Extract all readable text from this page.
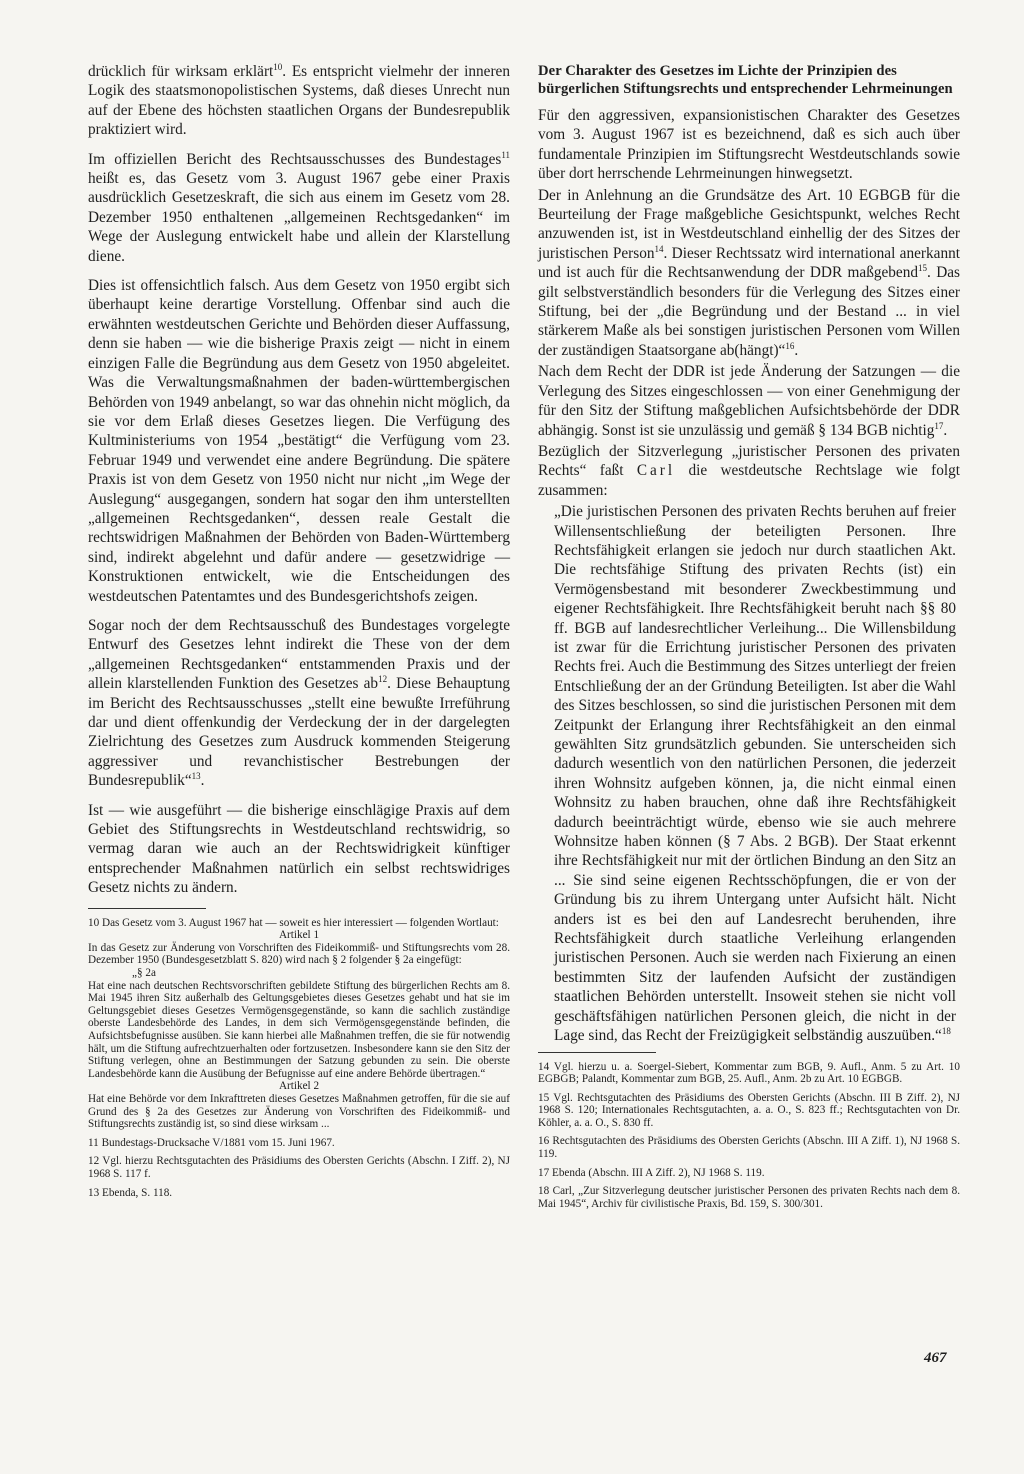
drücklich für wirksam erklärt$^{10}$. Es entspricht vielmehr der inneren Logik des staatsmonopolistischen Systems, daß dieses Unrecht nun auf der Ebene des höchsten staatlichen Organs der Bundesrepublik praktiziert wird.

Im offiziellen Bericht des Rechtsausschusses des Bundestages$^{11}$ heißt es, das Gesetz vom 3. August 1967 gebe einer Praxis ausdrücklich Gesetzeskraft, die sich aus einem im Gesetz vom 28. Dezember 1950 enthaltenen „allgemeinen Rechtsgedanken“ im Wege der Auslegung entwickelt habe und allein der Klarstellung diene.

Dies ist offensichtlich falsch. Aus dem Gesetz von 1950 ergibt sich überhaupt keine derartige Vorstellung. Offenbar sind auch die erwähnten westdeutschen Gerichte und Behörden dieser Auffassung, denn sie haben — wie die bisherige Praxis zeigt — nicht in einem einzigen Falle die Begründung aus dem Gesetz von 1950 abgeleitet. Was die Verwaltungsmaßnahmen der baden-württembergischen Behörden von 1949 anbelangt, so war das ohnehin nicht möglich, da sie vor dem Erlaß dieses Gesetzes liegen. Die Verfügung des Kultministeriums von 1954 „bestätigt“ die Verfügung vom 23. Februar 1949 und verwendet eine andere Begründung. Die spätere Praxis ist von dem Gesetz von 1950 nicht nur nicht „im Wege der Auslegung“ ausgegangen, sondern hat sogar den ihm unterstellten „allgemeinen Rechtsgedanken“, dessen reale Gestalt die rechtswidrigen Maßnahmen der Behörden von Baden-Württemberg sind, indirekt abgelehnt und dafür andere — gesetzwidrige — Konstruktionen entwickelt, wie die Entscheidungen des westdeutschen Patentamtes und des Bundesgerichtshofs zeigen.

Sogar noch der dem Rechtsausschuß des Bundestages vorgelegte Entwurf des Gesetzes lehnt indirekt die These von der dem „allgemeinen Rechtsgedanken“ entstammenden Praxis und der allein klarstellenden Funktion des Gesetzes $ab^{12}$. Diese Behauptung im Bericht des Rechtsausschusses „stellt eine bewußte Irreführung dar und dient offenkundig der Verdeckung der in der dargelegten Zielrichtung des Gesetzes zum Ausdruck kommenden Steigerung aggressiver und revanchistischer Bestrebungen der Bundesrepublik“$^{13}$.

Ist — wie ausgeführt — die bisherige einschlägige Praxis auf dem Gebiet des Stiftungsrechts in Westdeutschland rechtswidrig, so vermag daran wie auch an der Rechtswidrigkeit künftiger entsprechender Maßnahmen natürlich ein selbst rechtswidriges Gesetz nichts zu ändern.

10 Das Gesetz vom 3. August 1967 hat — soweit es hier interessiert — folgenden Wortlaut:
Artikel 1
In das Gesetz zur Änderung von Vorschriften des Fideikommiß- und Stiftungsrechts vom 28. Dezember 1950 (Bundesgesetzblatt S. 820) wird nach § 2 folgender § 2a eingefügt:
„§ 2a
Hat eine nach deutschen Rechtsvorschriften gebildete Stiftung des bürgerlichen Rechts am 8. Mai 1945 ihren Sitz außerhalb des Geltungsgebietes dieses Gesetzes gehabt und hat sie im Geltungsgebiet dieses Gesetzes Vermögensgegenstände, so kann die sachlich zuständige oberste Landesbehörde des Landes, in dem sich Vermögensgegenstände befinden, die Aufsichtsbefugnisse ausüben. Sie kann hierbei alle Maßnahmen treffen, die sie für notwendig hält, um die Stiftung aufrechtzuerhalten oder fortzusetzen. Insbesondere kann sie den Sitz der Stiftung verlegen, ohne an Bestimmungen der Satzung gebunden zu sein. Die oberste Landesbehörde kann die Ausübung der Befugnisse auf eine andere Behörde übertragen.“
Artikel 2
Hat eine Behörde vor dem Inkrafttreten dieses Gesetzes Maßnahmen getroffen, für die sie auf Grund des § 2a des Gesetzes zur Änderung von Vorschriften des Fideikommiß- und Stiftungsrechts zuständig ist, so sind diese wirksam ...

11 Bundestags-Drucksache V/1881 vom 15. Juni 1967.

12 Vgl. hierzu Rechtsgutachten des Präsidiums des Obersten Gerichts (Abschn. I Ziff. 2), NJ 1968 S. 117 f.

13 Ebenda, S. 118.

Der Charakter des Gesetzes im Lichte der Prinzipien des bürgerlichen Stiftungsrechts und entsprechender Lehrmeinungen

Für den aggressiven, expansionistischen Charakter des Gesetzes vom 3. August 1967 ist es bezeichnend, daß es sich auch über fundamentale Prinzipien im Stiftungsrecht Westdeutschlands sowie über dort herrschende Lehrmeinungen hinwegsetzt.

Der in Anlehnung an die Grundsätze des Art. 10 EGBGB für die Beurteilung der Frage maßgebliche Gesichtspunkt, welches Recht anzuwenden ist, ist in Westdeutschland einhellig der des Sitzes der juristischen Person$^{14}$. Dieser Rechtssatz wird international anerkannt und ist auch für die Rechtsanwendung der DDR maßgebend$^{15}$. Das gilt selbstverständlich besonders für die Verlegung des Sitzes einer Stiftung, bei der „die Begründung und der Bestand ... in viel stärkerem Maße als bei sonstigen juristischen Personen vom Willen der zuständigen Staatsorgane ab(hängt)“$^{16}$.

Nach dem Recht der DDR ist jede Änderung der Satzungen — die Verlegung des Sitzes eingeschlossen — von einer Genehmigung der für den Sitz der Stiftung maßgeblichen Aufsichtsbehörde der DDR abhängig. Sonst ist sie unzulässig und gemäß § 134 BGB nichtig$^{17}$.

Bezüglich der Sitzverlegung „juristischer Personen des privaten Rechts“ faßt Carl die westdeutsche Rechtslage wie folgt zusammen:

„Die juristischen Personen des privaten Rechts beruhen auf freier Willensentschließung der beteiligten Personen. Ihre Rechtsfähigkeit erlangen sie jedoch nur durch staatlichen Akt. Die rechtsfähige Stiftung des privaten Rechts (ist) ein Vermögensbestand mit besonderer Zweckbestimmung und eigener Rechtsfähigkeit. Ihre Rechtsfähigkeit beruht nach §§ 80 ff. BGB auf landesrechtlicher Verleihung... Die Willensbildung ist zwar für die Errichtung juristischer Personen des privaten Rechts frei. Auch die Bestimmung des Sitzes unterliegt der freien Entschließung der an der Gründung Beteiligten. Ist aber die Wahl des Sitzes beschlossen, so sind die juristischen Personen mit dem Zeitpunkt der Erlangung ihrer Rechtsfähigkeit an den einmal gewählten Sitz grundsätzlich gebunden. Sie unterscheiden sich dadurch wesentlich von den natürlichen Personen, die jederzeit ihren Wohnsitz aufgeben können, ja, die nicht einmal einen Wohnsitz zu haben brauchen, ohne daß ihre Rechtsfähigkeit dadurch beeinträchtigt würde, ebenso wie sie auch mehrere Wohnsitze haben können (§ 7 Abs. 2 BGB). Der Staat erkennt ihre Rechtsfähigkeit nur mit der örtlichen Bindung an den Sitz an ... Sie sind seine eigenen Rechtsschöpfungen, die er von der Gründung bis zu ihrem Untergang unter Aufsicht hält. Nicht anders ist es bei den auf Landesrecht beruhenden, ihre Rechtsfähigkeit durch staatliche Verleihung erlangenden juristischen Personen. Auch sie werden nach Fixierung an einen bestimmten Sitz der laufenden Aufsicht der zuständigen staatlichen Behörden unterstellt. Insoweit stehen sie nicht voll geschäftsfähigen natürlichen Personen gleich, die nicht in der Lage sind, das Recht der Freizügigkeit selbständig auszuüben.“$^{18}$

14 Vgl. hierzu u. a. Soergel-Siebert, Kommentar zum BGB, 9. Aufl., Anm. 5 zu Art. 10 EGBGB; Palandt, Kommentar zum BGB, 25. Aufl., Anm. 2b zu Art. 10 EGBGB.

15 Vgl. Rechtsgutachten des Präsidiums des Obersten Gerichts (Abschn. III B Ziff. 2), NJ 1968 S. 120; Internationales Rechtsgutachten, a. a. O., S. 823 ff.; Rechtsgutachten von Dr. Köhler, a. a. O., S. 830 ff.

16 Rechtsgutachten des Präsidiums des Obersten Gerichts (Abschn. III A Ziff. 1), NJ 1968 S. 119.

17 Ebenda (Abschn. III A Ziff. 2), NJ 1968 S. 119.

18 Carl, „Zur Sitzverlegung deutscher juristischer Personen des privaten Rechts nach dem 8. Mai 1945“, Archiv für civilistische Praxis, Bd. 159, S. 300/301.

467
